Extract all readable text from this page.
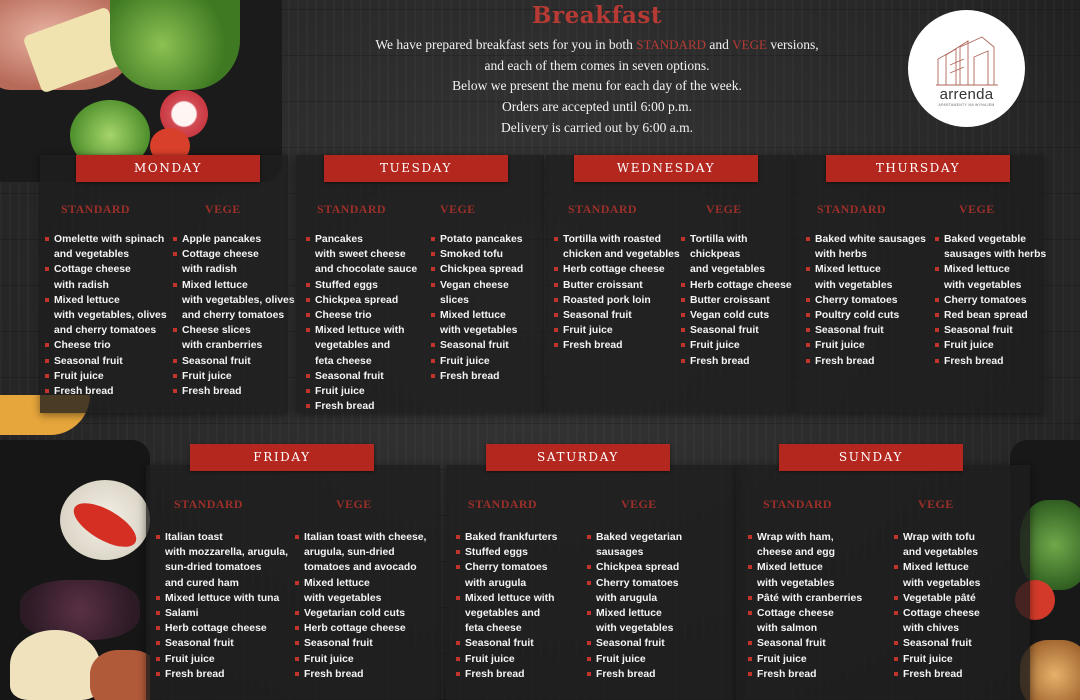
Breakfast
We have prepared breakfast sets for you in both STANDARD and VEGE versions,
and each of them comes in seven options.
Below we present the menu for each day of the week.
Orders are accepted until 6:00 p.m.
Delivery is carried out by 6:00 a.m.
arrenda
APARTAMENTY NA WYNAJEM
MONDAY
STANDARD	VEGE
Omelette with spinach
and vegetables
Cottage cheese
with radish
Mixed lettuce
with vegetables, olives
and cherry tomatoes
Cheese trio
Seasonal fruit
Fruit juice
Fresh bread
Apple pancakes
Cottage cheese
with radish
Mixed lettuce
with vegetables, olives
and cherry tomatoes
Cheese slices
with cranberries
Seasonal fruit
Fruit juice
Fresh bread
TUESDAY
STANDARD	VEGE
Pancakes
with sweet cheese
and chocolate sauce
Stuffed eggs
Chickpea spread
Cheese trio
Mixed lettuce with
vegetables and
feta cheese
Seasonal fruit
Fruit juice
Fresh bread
Potato pancakes
Smoked tofu
Chickpea spread
Vegan cheese
slices
Mixed lettuce
with vegetables
Seasonal fruit
Fruit juice
Fresh bread
WEDNESDAY
STANDARD	VEGE
Tortilla with roasted
chicken and vegetables
Herb cottage cheese
Butter croissant
Roasted pork loin
Seasonal fruit
Fruit juice
Fresh bread
Tortilla with
chickpeas
and vegetables
Herb cottage cheese
Butter croissant
Vegan cold cuts
Seasonal fruit
Fruit juice
Fresh bread
THURSDAY
STANDARD	VEGE
Baked white sausages
with herbs
Mixed lettuce
with vegetables
Cherry tomatoes
Poultry cold cuts
Seasonal fruit
Fruit juice
Fresh bread
Baked vegetable
sausages with herbs
Mixed lettuce
with vegetables
Cherry tomatoes
Red bean spread
Seasonal fruit
Fruit juice
Fresh bread
FRIDAY
STANDARD	VEGE
Italian toast
with mozzarella, arugula,
sun-dried tomatoes
and cured ham
Mixed lettuce with tuna
Salami
Herb cottage cheese
Seasonal fruit
Fruit juice
Fresh bread
Italian toast with cheese,
arugula, sun-dried
tomatoes and avocado
Mixed lettuce
with vegetables
Vegetarian cold cuts
Herb cottage cheese
Seasonal fruit
Fruit juice
Fresh bread
SATURDAY
STANDARD	VEGE
Baked frankfurters
Stuffed eggs
Cherry tomatoes
with arugula
Mixed lettuce with
vegetables and
feta cheese
Seasonal fruit
Fruit juice
Fresh bread
Baked vegetarian
sausages
Chickpea spread
Cherry tomatoes
with arugula
Mixed lettuce
with vegetables
Seasonal fruit
Fruit juice
Fresh bread
SUNDAY
STANDARD	VEGE
Wrap with ham,
cheese and egg
Mixed lettuce
with vegetables
Pâté with cranberries
Cottage cheese
with salmon
Seasonal fruit
Fruit juice
Fresh bread
Wrap with tofu
and vegetables
Mixed lettuce
with vegetables
Vegetable pâté
Cottage cheese
with chives
Seasonal fruit
Fruit juice
Fresh bread
